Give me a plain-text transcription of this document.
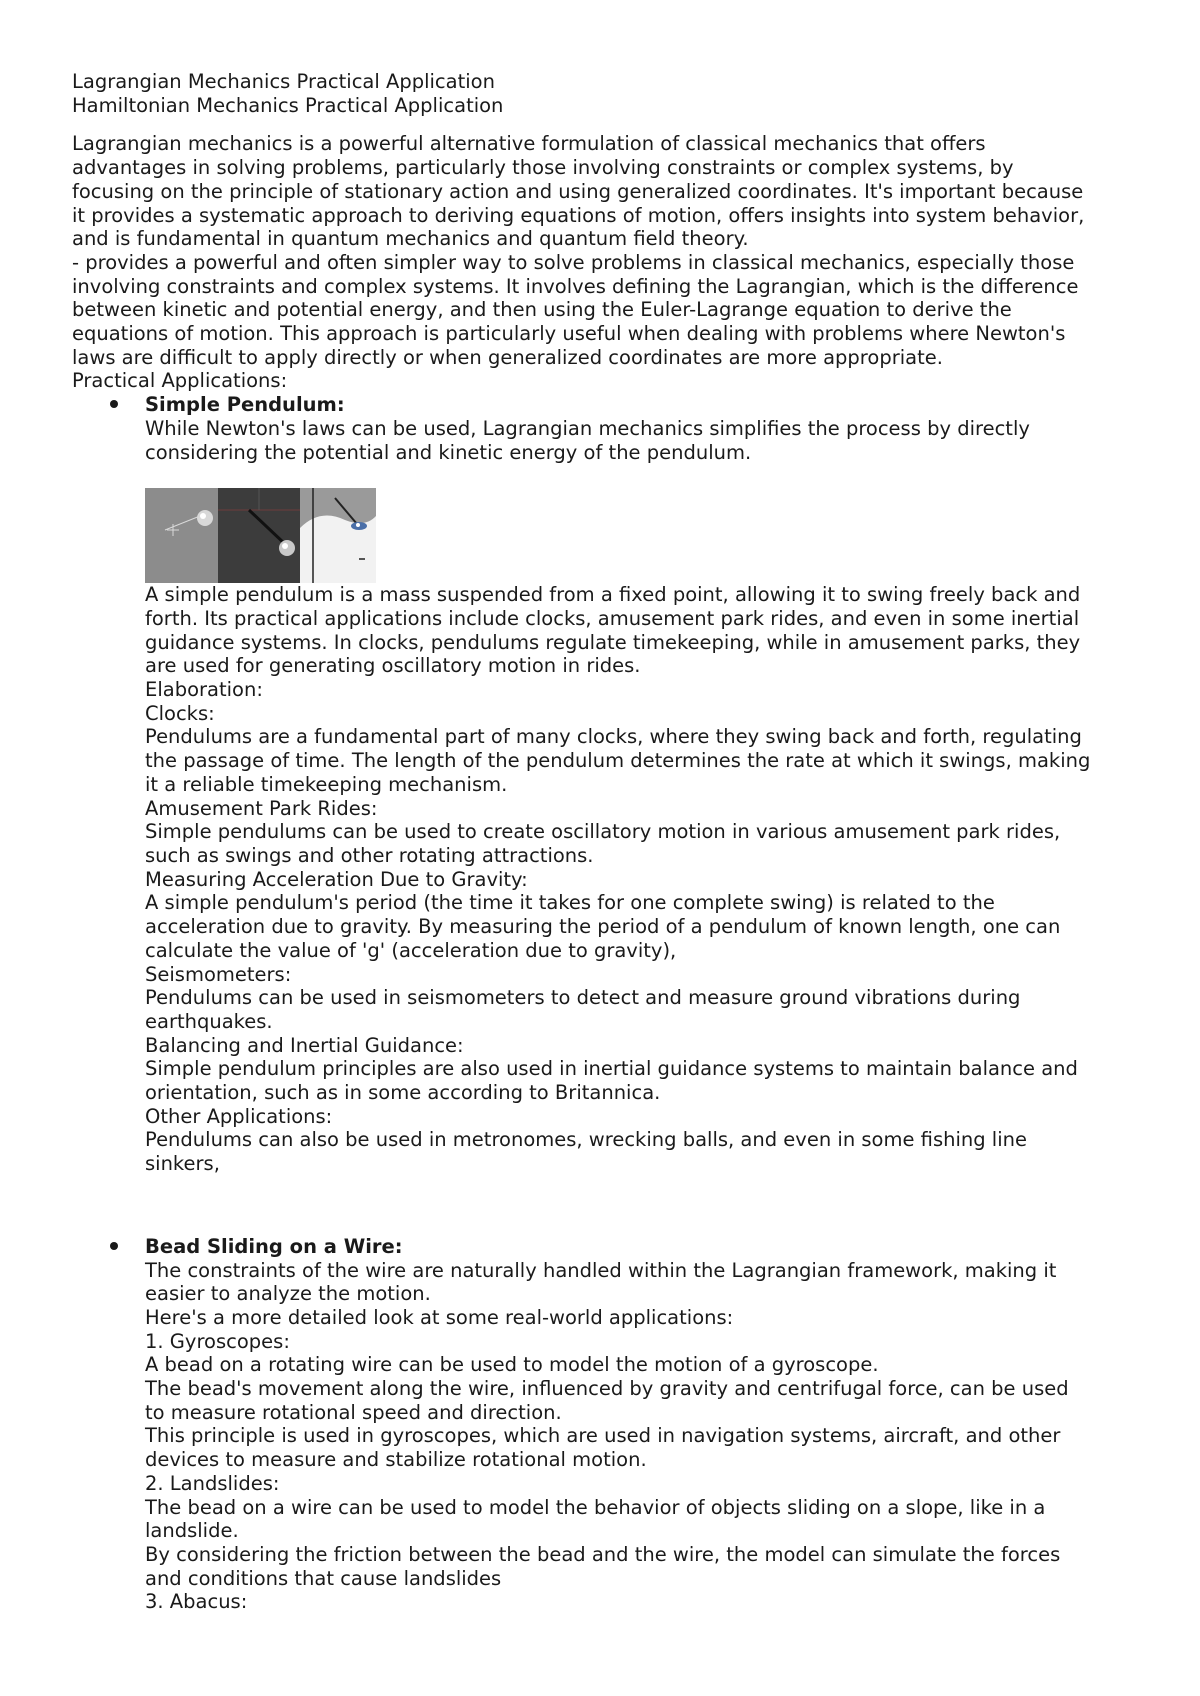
Lagrangian Mechanics Practical Application
Hamiltonian Mechanics Practical Application
Lagrangian mechanics is a powerful alternative formulation of classical mechanics that offers
advantages in solving problems, particularly those involving constraints or complex systems, by
focusing on the principle of stationary action and using generalized coordinates. It's important because
it provides a systematic approach to deriving equations of motion, offers insights into system behavior,
and is fundamental in quantum mechanics and quantum field theory.
- provides a powerful and often simpler way to solve problems in classical mechanics, especially those
involving constraints and complex systems. It involves defining the Lagrangian, which is the difference
between kinetic and potential energy, and then using the Euler-Lagrange equation to derive the
equations of motion. This approach is particularly useful when dealing with problems where Newton's
laws are difficult to apply directly or when generalized coordinates are more appropriate.
Practical Applications:
Simple Pendulum:
While Newton's laws can be used, Lagrangian mechanics simplifies the process by directly
considering the potential and kinetic energy of the pendulum.
A simple pendulum is a mass suspended from a fixed point, allowing it to swing freely back and
forth. Its practical applications include clocks, amusement park rides, and even in some inertial
guidance systems. In clocks, pendulums regulate timekeeping, while in amusement parks, they
are used for generating oscillatory motion in rides.
Elaboration:
Clocks:
Pendulums are a fundamental part of many clocks, where they swing back and forth, regulating
the passage of time. The length of the pendulum determines the rate at which it swings, making
it a reliable timekeeping mechanism.
Amusement Park Rides:
Simple pendulums can be used to create oscillatory motion in various amusement park rides,
such as swings and other rotating attractions.
Measuring Acceleration Due to Gravity:
A simple pendulum's period (the time it takes for one complete swing) is related to the
acceleration due to gravity. By measuring the period of a pendulum of known length, one can
calculate the value of 'g' (acceleration due to gravity),
Seismometers:
Pendulums can be used in seismometers to detect and measure ground vibrations during
earthquakes.
Balancing and Inertial Guidance:
Simple pendulum principles are also used in inertial guidance systems to maintain balance and
orientation, such as in some according to Britannica.
Other Applications:
Pendulums can also be used in metronomes, wrecking balls, and even in some fishing line
sinkers,
Bead Sliding on a Wire:
The constraints of the wire are naturally handled within the Lagrangian framework, making it
easier to analyze the motion.
Here's a more detailed look at some real-world applications:
1. Gyroscopes:
A bead on a rotating wire can be used to model the motion of a gyroscope.
The bead's movement along the wire, influenced by gravity and centrifugal force, can be used
to measure rotational speed and direction.
This principle is used in gyroscopes, which are used in navigation systems, aircraft, and other
devices to measure and stabilize rotational motion.
2. Landslides:
The bead on a wire can be used to model the behavior of objects sliding on a slope, like in a
landslide.
By considering the friction between the bead and the wire, the model can simulate the forces
and conditions that cause landslides
3. Abacus:
